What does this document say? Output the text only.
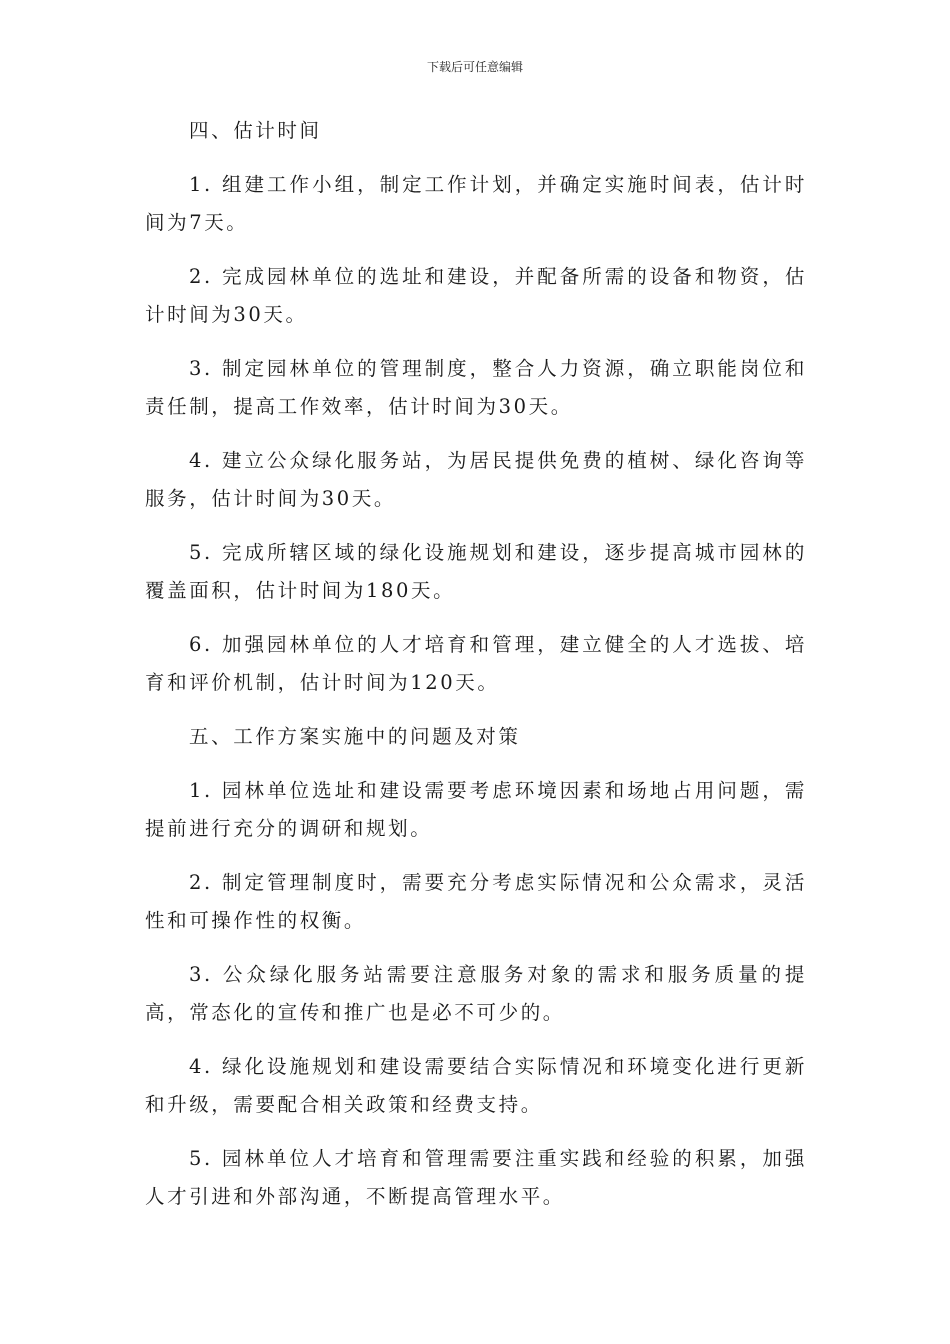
下载后可任意编辑

四、估计时间

1. 组建工作小组，制定工作计划，并确定实施时间表，估计时间为7天。

2. 完成园林单位的选址和建设，并配备所需的设备和物资，估计时间为30天。

3. 制定园林单位的管理制度，整合人力资源，确立职能岗位和责任制，提高工作效率，估计时间为30天。

4. 建立公众绿化服务站，为居民提供免费的植树、绿化咨询等服务，估计时间为30天。

5. 完成所辖区域的绿化设施规划和建设，逐步提高城市园林的覆盖面积，估计时间为180天。

6. 加强园林单位的人才培育和管理，建立健全的人才选拔、培育和评价机制，估计时间为120天。

五、工作方案实施中的问题及对策

1. 园林单位选址和建设需要考虑环境因素和场地占用问题，需提前进行充分的调研和规划。

2. 制定管理制度时，需要充分考虑实际情况和公众需求，灵活性和可操作性的权衡。

3. 公众绿化服务站需要注意服务对象的需求和服务质量的提高，常态化的宣传和推广也是必不可少的。

4. 绿化设施规划和建设需要结合实际情况和环境变化进行更新和升级，需要配合相关政策和经费支持。

5. 园林单位人才培育和管理需要注重实践和经验的积累，加强人才引进和外部沟通，不断提高管理水平。
